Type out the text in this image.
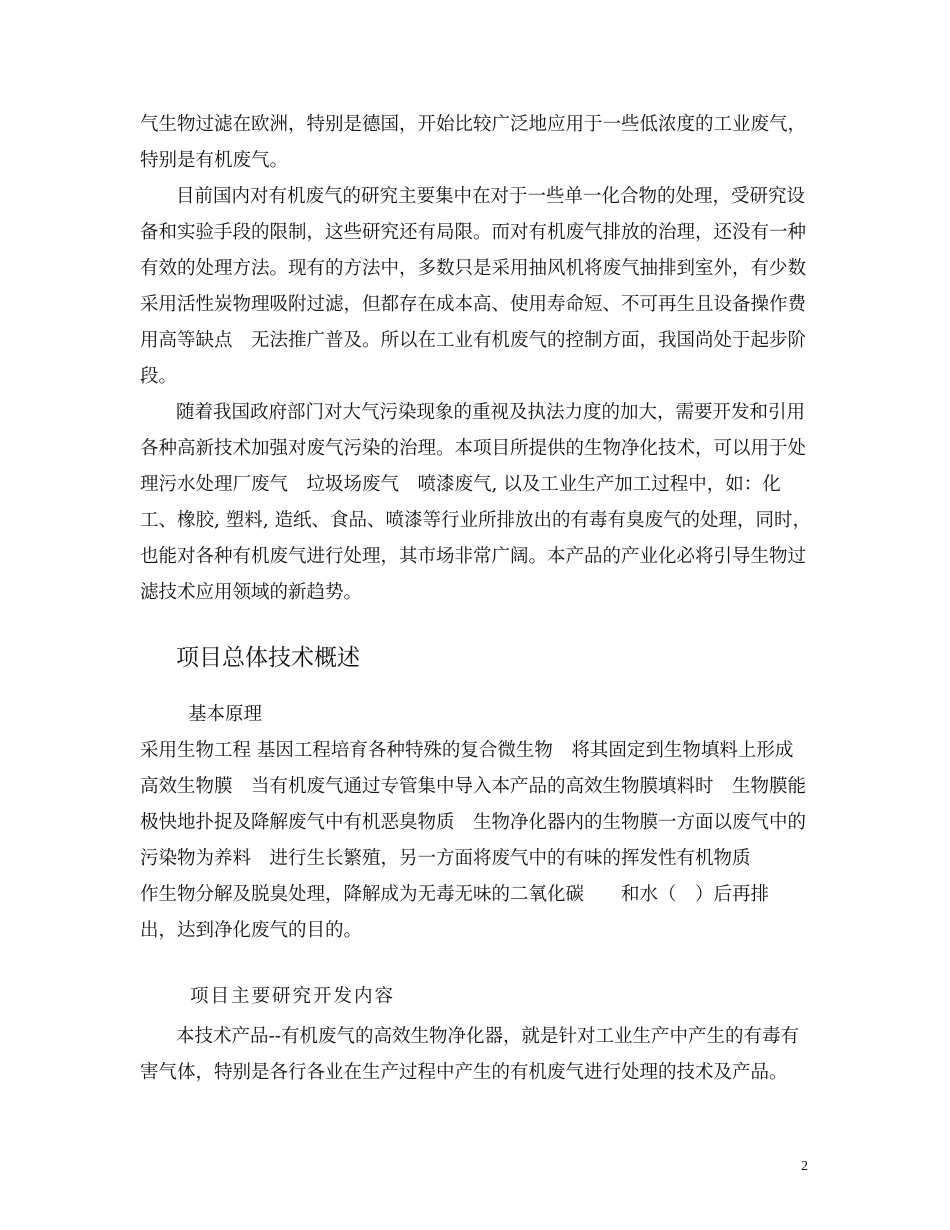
气生物过滤在欧洲，特别是德国，开始比较广泛地应用于一些低浓度的工业废气，
特别是有机废气。
目前国内对有机废气的研究主要集中在对于一些单一化合物的处理，受研究设
备和实验手段的限制，这些研究还有局限。而对有机废气排放的治理，还没有一种
有效的处理方法。现有的方法中，多数只是采用抽风机将废气抽排到室外，有少数
采用活性炭物理吸附过滤，但都存在成本高、使用寿命短、不可再生且设备操作费
用高等缺点　无法推广普及。所以在工业有机废气的控制方面，我国尚处于起步阶
段。
随着我国政府部门对大气污染现象的重视及执法力度的加大，需要开发和引用
各种高新技术加强对废气污染的治理。本项目所提供的生物净化技术，可以用于处
理污水处理厂废气　垃圾场废气　喷漆废气, 以及工业生产加工过程中，如：化
工、橡胶, 塑料, 造纸、食品、喷漆等行业所排放出的有毒有臭废气的处理，同时，
也能对各种有机废气进行处理，其市场非常广阔。本产品的产业化必将引导生物过
滤技术应用领域的新趋势。
项目总体技术概述
基本原理
采用生物工程 基因工程培育各种特殊的复合微生物　将其固定到生物填料上形成
高效生物膜　当有机废气通过专管集中导入本产品的高效生物膜填料时　生物膜能
极快地扑捉及降解废气中有机恶臭物质　生物净化器内的生物膜一方面以废气中的
污染物为养料　进行生长繁殖，另一方面将废气中的有味的挥发性有机物质
作生物分解及脱臭处理，降解成为无毒无味的二氧化碳　　和水（　）后再排
出，达到净化废气的目的。
项目主要研究开发内容
本技术产品--有机废气的高效生物净化器，就是针对工业生产中产生的有毒有
害气体，特别是各行各业在生产过程中产生的有机废气进行处理的技术及产品。
2
